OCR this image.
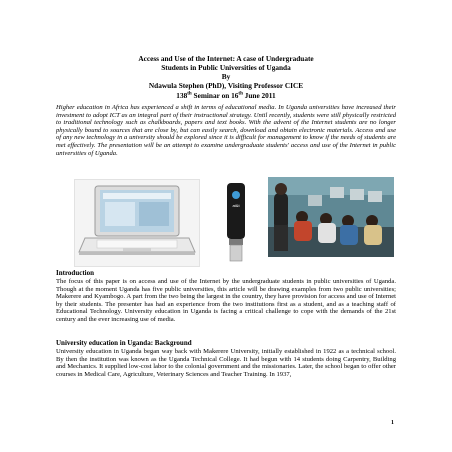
Access and Use of the Internet: A case of Undergraduate
Students in Public Universities of Uganda
By
Ndawula Stephen (PhD), Visiting Professor CICE
138th Seminar on 16th June 2011
Higher education in Africa has experienced a shift in terms of educational media. In Uganda universities have increased their investment to adopt ICT as an integral part of their instructional strategy. Until recently, students were still physically restricted to traditional technology such as chalkboards, papers and text books. With the advent of the Internet students are no longer physically bound to sources that are close by, but can easily search, download and obtain electronic materials. Access and use of any new technology in a university should be explored since it is difficult for management to know if the needs of students are met effectively. The presentation will be an attempt to examine undergraduate students' access and use of the Internet in public universities of Uganda.
at&t
Introduction
The focus of this paper is on access and use of the Internet by the undergraduate students in public universities of Uganda. Though at the moment Uganda has five public universities, this article will be drawing examples from two public universities; Makerere and Kyambogo. A part from the two being the largest in the country, they have provision for access and use of Internet by their students. The presenter has had an experience from the two institutions first as a student, and as a teaching staff of Educational Technology. University education in Uganda is facing a critical challenge to cope with the demands of the 21st century and the ever increasing use of media.
University education in Uganda: Background
University education in Uganda began way back with Makerere University, initially established in 1922 as a technical school. By then the institution was known as the Uganda Technical College. It had begun with 14 students doing Carpentry, Building and Mechanics. It supplied low-cost labor to the colonial government and the missionaries. Later, the school began to offer other courses in Medical Care, Agriculture, Veterinary Sciences and Teacher Training. In 1937,
1
